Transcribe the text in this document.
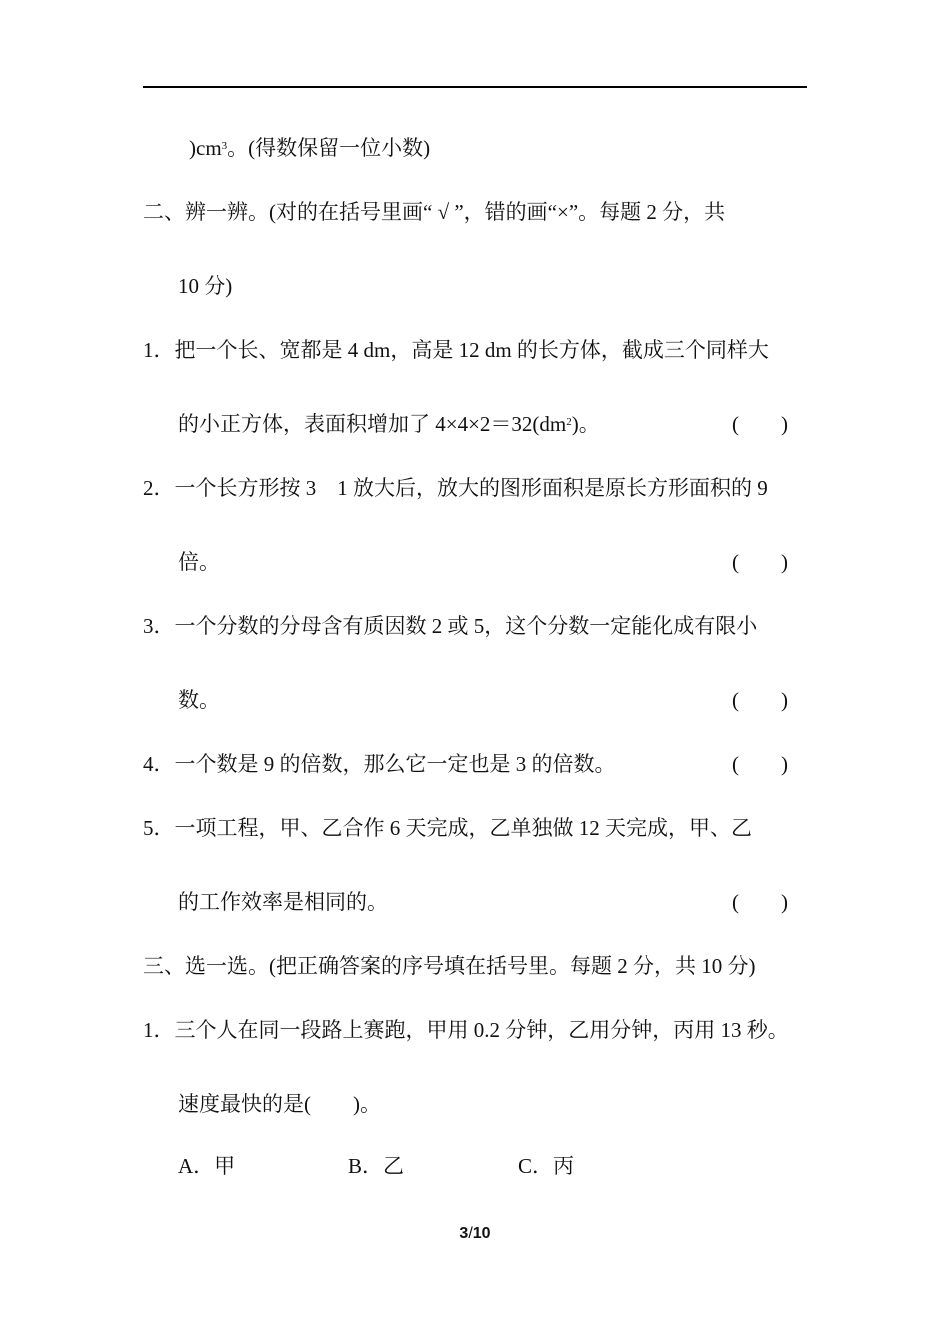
)$cm^3$。(得数保留一位小数)
二、辨一辨。(对的在括号里画“ √ ”，错的画“×”。每题 2 分，共
10 分)
1．把一个长、宽都是 4 dm，高是 12 dm 的长方体，截成三个同样大
的小正方体，表面积增加了 $4\times 4\times 2=32(dm^2)$。	( )
2．一个长方形按 3　1 放大后，放大的图形面积是原长方形面积的 9
倍。	( )
3．一个分数的分母含有质因数 2 或 5，这个分数一定能化成有限小
数。	( )
4．一个数是 9 的倍数，那么它一定也是 3 的倍数。	( )
5．一项工程，甲、乙合作 6 天完成，乙单独做 12 天完成，甲、乙
的工作效率是相同的。	( )
三、选一选。(把正确答案的序号填在括号里。每题 2 分，共 10 分)
1．三个人在同一段路上赛跑，甲用 0.2 分钟，乙用分钟，丙用 13 秒。
速度最快的是(　　)。
A．甲	B．乙	C．丙
3/10
